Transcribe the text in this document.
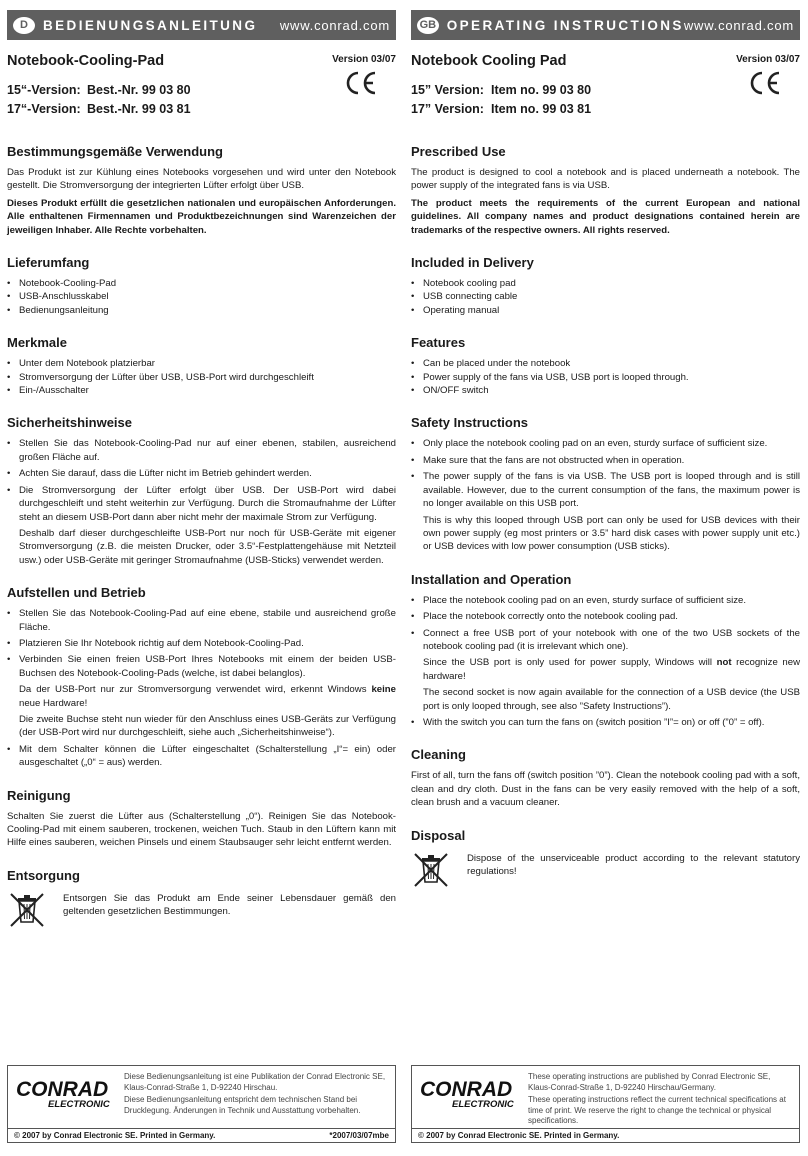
D	BEDIENUNGSANLEITUNG	www.conrad.com
Notebook-Cooling-Pad	Version 03/07
15“-Version: Best.-Nr. 99 03 80
17“-Version: Best.-Nr. 99 03 81
Bestimmungsgemäße Verwendung

Das Produkt ist zur Kühlung eines Notebooks vorgesehen und wird unter den Notebook gestellt. Die Stromversorgung der integrierten Lüfter erfolgt über USB.

Dieses Produkt erfüllt die gesetzlichen nationalen und europäischen Anforderungen. Alle enthaltenen Firmennamen und Produktbezeichnungen sind Warenzeichen der jeweiligen Inhaber. Alle Rechte vorbehalten.

Lieferumfang
• Notebook-Cooling-Pad
• USB-Anschlusskabel
• Bedienungsanleitung
Merkmale
• Unter dem Notebook platzierbar
• Stromversorgung der Lüfter über USB, USB-Port wird durchgeschleift
• Ein-/Ausschalter
Sicherheitshinweise
• Stellen Sie das Notebook-Cooling-Pad nur auf einer ebenen, stabilen, ausreichend großen Fläche auf.
• Achten Sie darauf, dass die Lüfter nicht im Betrieb gehindert werden.
• Die Stromversorgung der Lüfter erfolgt über USB. Der USB-Port wird dabei durchgeschleift und steht weiterhin zur Verfügung. Durch die Stromaufnahme der Lüfter steht an diesem USB-Port dann aber nicht mehr der maximale Strom zur Verfügung.
Deshalb darf dieser durchgeschleifte USB-Port nur noch für USB-Geräte mit eigener Stromversorgung (z.B. die meisten Drucker, oder 3.5“-Festplattengehäuse mit Netzteil usw.) oder USB-Geräte mit geringer Stromaufnahme (USB-Sticks) verwendet werden.
Aufstellen und Betrieb
• Stellen Sie das Notebook-Cooling-Pad auf eine ebene, stabile und ausreichend große Fläche.
• Platzieren Sie Ihr Notebook richtig auf dem Notebook-Cooling-Pad.
• Verbinden Sie einen freien USB-Port Ihres Notebooks mit einem der beiden USB-Buchsen des Notebook-Cooling-Pads (welche, ist dabei belanglos).
Da der USB-Port nur zur Stromversorgung verwendet wird, erkennt Windows keine neue Hardware!
Die zweite Buchse steht nun wieder für den Anschluss eines USB-Geräts zur Verfügung (der USB-Port wird nur durchgeschleift, siehe auch „Sicherheitshinweise“).
• Mit dem Schalter können die Lüfter eingeschaltet (Schalterstellung „I“= ein) oder ausgeschaltet („0“ = aus) werden.
Reinigung

Schalten Sie zuerst die Lüfter aus (Schalterstellung „0“). Reinigen Sie das Notebook-Cooling-Pad mit einem sauberen, trockenen, weichen Tuch. Staub in den Lüftern kann mit Hilfe eines sauberen, weichen Pinsels und einem Staubsauger sehr leicht entfernt werden.

Entsorgung

Entsorgen Sie das Produkt am Ende seiner Lebensdauer gemäß den geltenden gesetzlichen Bestimmungen.

GB OPERATING INSTRUCTIONS www.conrad.com
Notebook Cooling Pad	Version 03/07
15” Version: Item no. 99 03 80
17” Version: Item no. 99 03 81
Prescribed Use

The product is designed to cool a notebook and is placed underneath a notebook. The power supply of the integrated fans is via USB.

The product meets the requirements of the current European and national guidelines. All company names and product designations contained herein are trademarks of the respective owners. All rights reserved.

Included in Delivery
• Notebook cooling pad
• USB connecting cable
• Operating manual
Features
• Can be placed under the notebook
• Power supply of the fans via USB, USB port is looped through.
• ON/OFF switch
Safety Instructions
• Only place the notebook cooling pad on an even, sturdy surface of sufficient size.
• Make sure that the fans are not obstructed when in operation.
• The power supply of the fans is via USB. The USB port is looped through and is still available. However, due to the current consumption of the fans, the maximum power is no longer available on this USB port.
This is why this looped through USB port can only be used for USB devices with their own power supply (eg most printers or 3.5” hard disk cases with power supply unit etc.) or USB devices with low power consumption (USB sticks).
Installation and Operation
• Place the notebook cooling pad on an even, sturdy surface of sufficient size.
• Place the notebook correctly onto the notebook cooling pad.
• Connect a free USB port of your notebook with one of the two USB sockets of the notebook cooling pad (it is irrelevant which one).
Since the USB port is only used for power supply, Windows will not recognize new hardware!
The second socket is now again available for the connection of a USB device (the USB port is only looped through, see also ”Safety Instructions”).
• With the switch you can turn the fans on (switch position ”I”= on) or off (”0” = off).
Cleaning

First of all, turn the fans off (switch position ”0”). Clean the notebook cooling pad with a soft, clean and dry cloth. Dust in the fans can be very easily removed with the help of a soft, clean brush and a vacuum cleaner.

Disposal

Dispose of the unserviceable product according to the relevant statutory regulations!

CONRAD
ELECTRONIC

Diese Bedienungsanleitung ist eine Publikation der Conrad Electronic SE, Klaus-Conrad-Straße 1, D-92240 Hirschau.

Diese Bedienungsanleitung entspricht dem technischen Stand bei Drucklegung. Änderungen in Technik und Ausstattung vorbehalten.

© 2007 by Conrad Electronic SE. Printed in Germany.	*2007/03/07mbe
CONRAD
ELECTRONIC

These operating instructions are published by Conrad Electronic SE, Klaus-Conrad-Straße 1, D-92240 Hirschau/Germany.

These operating instructions reflect the current technical specifications at time of print. We reserve the right to change the technical or physical specifications.

© 2007 by Conrad Electronic SE. Printed in Germany.
